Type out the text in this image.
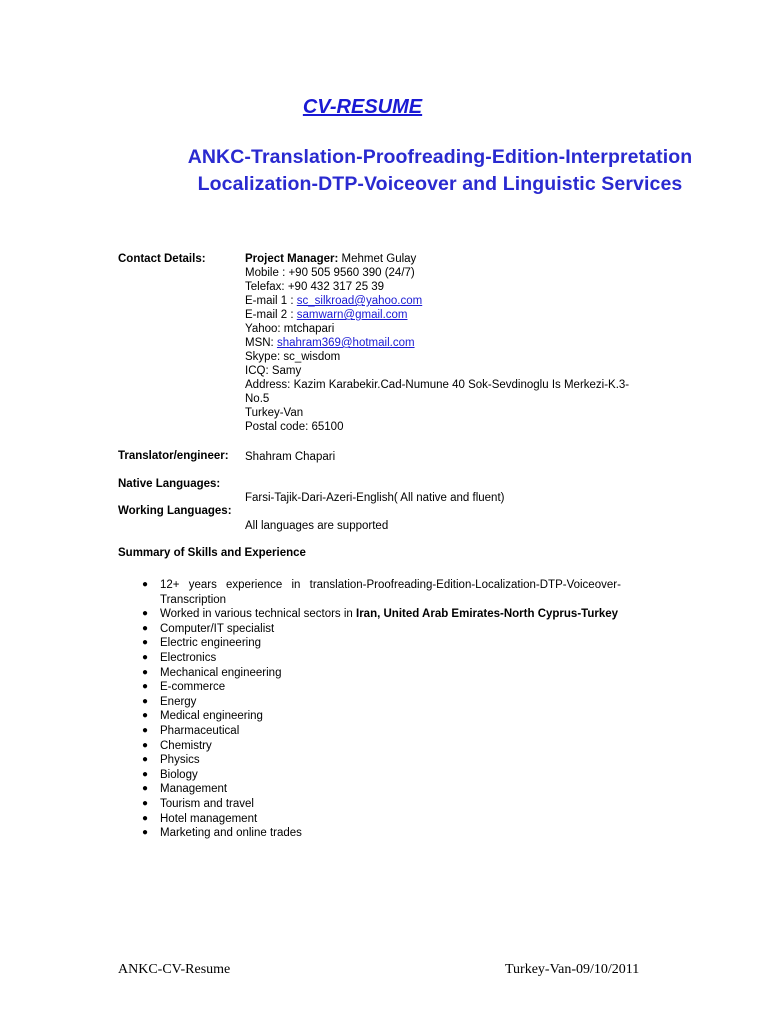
CV-RESUME
ANKC-Translation-Proofreading-Edition-Interpretation
Localization-DTP-Voiceover and Linguistic Services
Contact Details:	Project Manager: Mehmet Gulay
Mobile : +90 505 9560 390 (24/7)
Telefax: +90 432 317 25 39
E-mail 1 : sc_silkroad@yahoo.com
E-mail 2 : samwarn@gmail.com
Yahoo: mtchapari
MSN: shahram369@hotmail.com
Skype: sc_wisdom
ICQ: Samy
Address: Kazim Karabekir.Cad-Numune 40 Sok-Sevdinoglu Is Merkezi-K.3-
No.5
Turkey-Van
Postal code: 65100
Translator/engineer: Shahram Chapari
Native Languages:
Farsi-Tajik-Dari-Azeri-English( All native and fluent)
Working Languages:
All languages are supported
Summary of Skills and Experience
● 12+ years experience in translation-Proofreading-Edition-Localization-DTP-Voiceover-
Transcription
● Worked in various technical sectors in Iran, United Arab Emirates-North Cyprus-Turkey
● Computer/IT specialist
● Electric engineering
● Electronics
● Mechanical engineering
● E-commerce
● Energy
● Medical engineering
● Pharmaceutical
● Chemistry
● Physics
● Biology
● Management
● Tourism and travel
● Hotel management
● Marketing and online trades
ANKC-CV-Resume	Turkey-Van-09/10/2011
